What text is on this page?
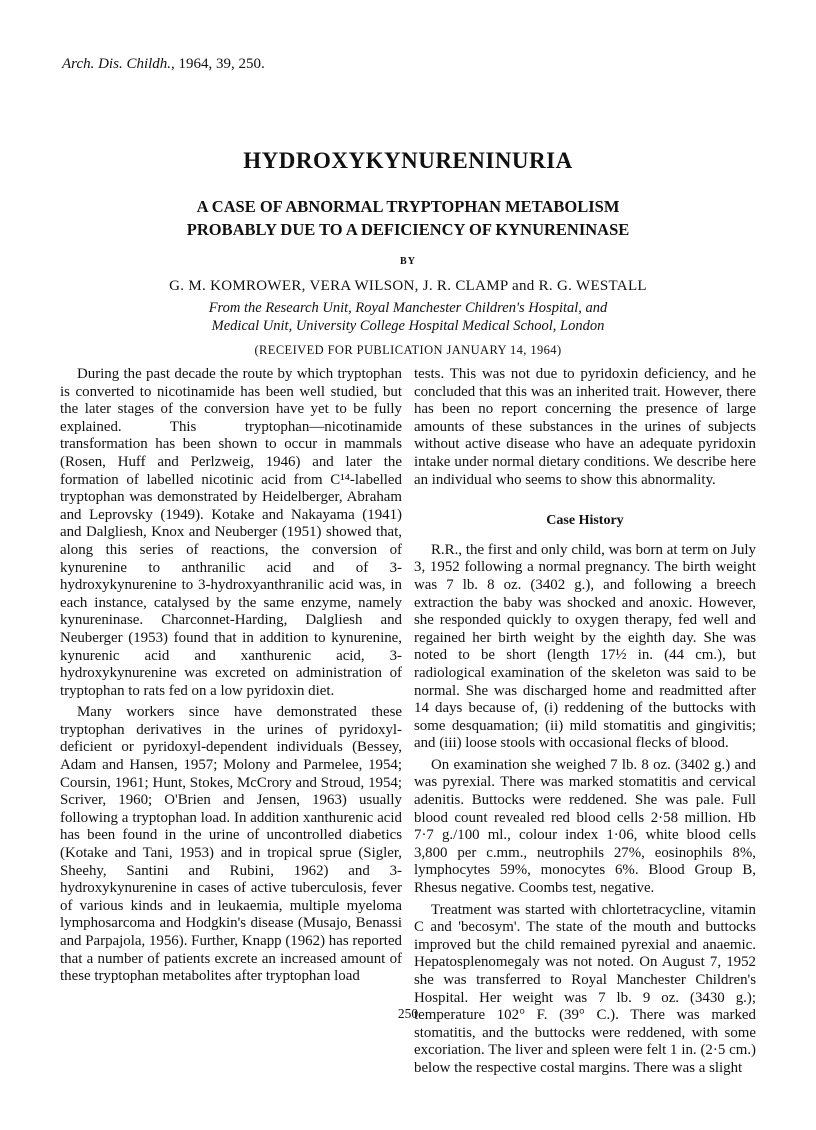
Arch. Dis. Childh., 1964, 39, 250.
HYDROXYKYNURENINURIA
A CASE OF ABNORMAL TRYPTOPHAN METABOLISM PROBABLY DUE TO A DEFICIENCY OF KYNURENINASE
BY
G. M. KOMROWER, VERA WILSON, J. R. CLAMP and R. G. WESTALL
From the Research Unit, Royal Manchester Children's Hospital, and
Medical Unit, University College Hospital Medical School, London
(RECEIVED FOR PUBLICATION JANUARY 14, 1964)

During the past decade the route by which tryptophan is converted to nicotinamide has been well studied, but the later stages of the conversion have yet to be fully explained. This tryptophan—nicotinamide transformation has been shown to occur in mammals (Rosen, Huff and Perlzweig, 1946) and later the formation of labelled nicotinic acid from C¹⁴-labelled tryptophan was demonstrated by Heidelberger, Abraham and Leprovsky (1949). Kotake and Nakayama (1941) and Dalgliesh, Knox and Neuberger (1951) showed that, along this series of reactions, the conversion of kynurenine to anthranilic acid and of 3-hydroxykynurenine to 3-hydroxyanthranilic acid was, in each instance, catalysed by the same enzyme, namely kynureninase. Charconnet-Harding, Dalgliesh and Neuberger (1953) found that in addition to kynurenine, kynurenic acid and xanthurenic acid, 3-hydroxykynurenine was excreted on administration of tryptophan to rats fed on a low pyridoxin diet.

Many workers since have demonstrated these tryptophan derivatives in the urines of pyridoxyl-deficient or pyridoxyl-dependent individuals (Bessey, Adam and Hansen, 1957; Molony and Parmelee, 1954; Coursin, 1961; Hunt, Stokes, McCrory and Stroud, 1954; Scriver, 1960; O'Brien and Jensen, 1963) usually following a tryptophan load. In addition xanthurenic acid has been found in the urine of uncontrolled diabetics (Kotake and Tani, 1953) and in tropical sprue (Sigler, Sheehy, Santini and Rubini, 1962) and 3-hydroxykynurenine in cases of active tuberculosis, fever of various kinds and in leukaemia, multiple myeloma lymphosarcoma and Hodgkin's disease (Musajo, Benassi and Parpajola, 1956). Further, Knapp (1962) has reported that a number of patients excrete an increased amount of these tryptophan metabolites after tryptophan load

tests. This was not due to pyridoxin deficiency, and he concluded that this was an inherited trait. However, there has been no report concerning the presence of large amounts of these substances in the urines of subjects without active disease who have an adequate pyridoxin intake under normal dietary conditions. We describe here an individual who seems to show this abnormality.

Case History

R.R., the first and only child, was born at term on July 3, 1952 following a normal pregnancy. The birth weight was 7 lb. 8 oz. (3402 g.), and following a breech extraction the baby was shocked and anoxic. However, she responded quickly to oxygen therapy, fed well and regained her birth weight by the eighth day. She was noted to be short (length 17½ in. (44 cm.), but radiological examination of the skeleton was said to be normal. She was discharged home and readmitted after 14 days because of, (i) reddening of the buttocks with some desquamation; (ii) mild stomatitis and gingivitis; and (iii) loose stools with occasional flecks of blood.

On examination she weighed 7 lb. 8 oz. (3402 g.) and was pyrexial. There was marked stomatitis and cervical adenitis. Buttocks were reddened. She was pale. Full blood count revealed red blood cells 2·58 million. Hb 7·7 g./100 ml., colour index 1·06, white blood cells 3,800 per c.mm., neutrophils 27%, eosinophils 8%, lymphocytes 59%, monocytes 6%. Blood Group B, Rhesus negative. Coombs test, negative.

Treatment was started with chlortetracycline, vitamin C and 'becosym'. The state of the mouth and buttocks improved but the child remained pyrexial and anaemic. Hepatosplenomegaly was not noted. On August 7, 1952 she was transferred to Royal Manchester Children's Hospital. Her weight was 7 lb. 9 oz. (3430 g.); temperature 102° F. (39° C.). There was marked stomatitis, and the buttocks were reddened, with some excoriation. The liver and spleen were felt 1 in. (2·5 cm.) below the respective costal margins. There was a slight

250
